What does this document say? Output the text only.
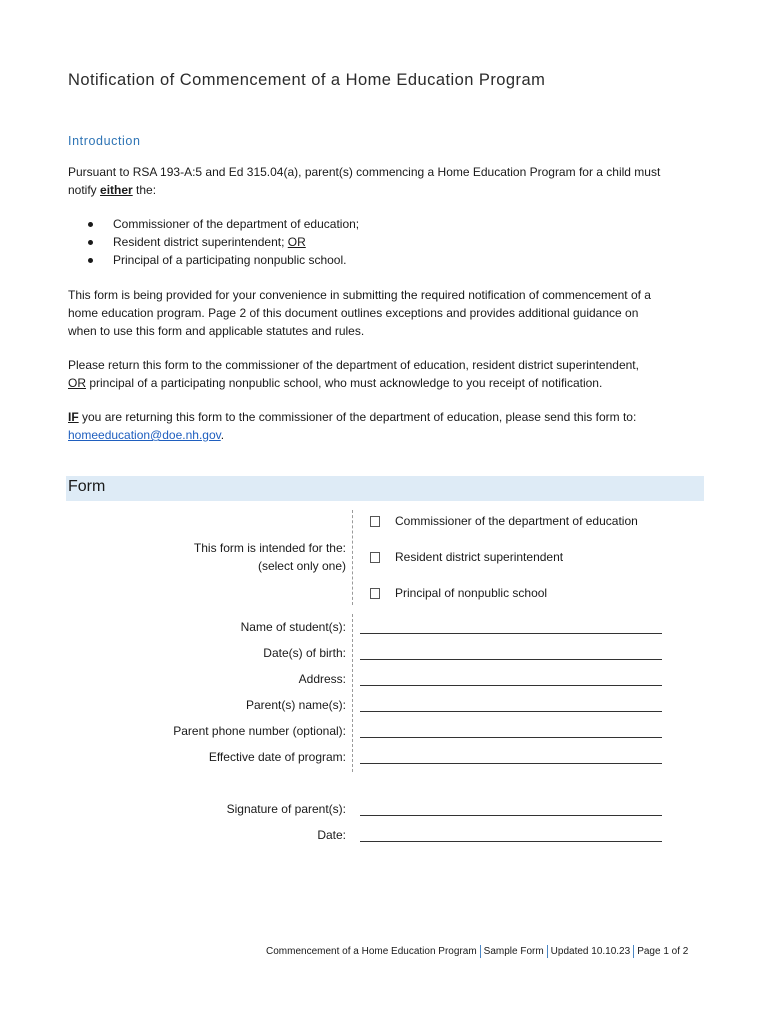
Notification of Commencement of a Home Education Program
Introduction
Pursuant to RSA 193-A:5 and Ed 315.04(a), parent(s) commencing a Home Education Program for a child must
notify either the:
Commissioner of the department of education;
Resident district superintendent; OR
Principal of a participating nonpublic school.
This form is being provided for your convenience in submitting the required notification of commencement of a
home education program. Page 2 of this document outlines exceptions and provides additional guidance on
when to use this form and applicable statutes and rules.
Please return this form to the commissioner of the department of education, resident district superintendent,
OR principal of a participating nonpublic school, who must acknowledge to you receipt of notification.
IF you are returning this form to the commissioner of the department of education, please send this form to:
homeeducation@doe.nh.gov.
Form
This form is intended for the:
(select only one)
Commissioner of the department of education
Resident district superintendent
Principal of nonpublic school
Name of student(s):
Date(s) of birth:
Address:
Parent(s) name(s):
Parent phone number (optional):
Effective date of program:
Signature of parent(s):
Date:
Commencement of a Home Education Program Sample Form Updated 10.10.23 Page 1 of 2
